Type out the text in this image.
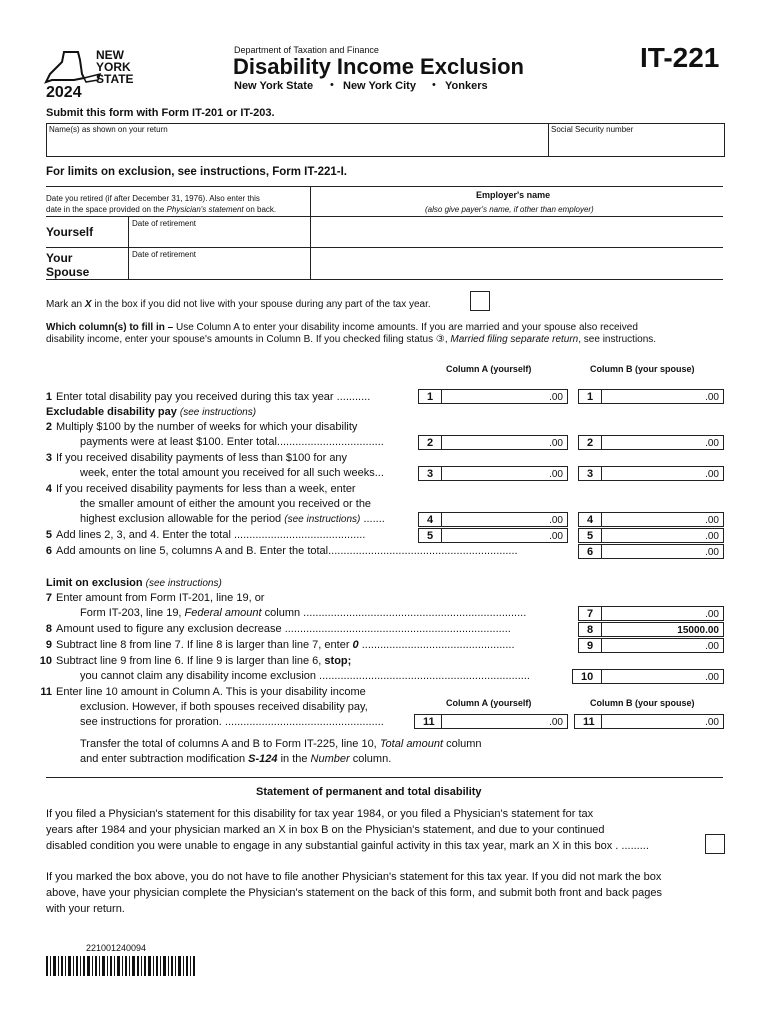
NEW
YORK
STATE
2024
Department of Taxation and Finance
Disability Income Exclusion
New York State • New York City • Yonkers
IT-221
Submit this form with Form IT-201 or IT-203.
Name(s) as shown on your return	Social Security number
For limits on exclusion, see instructions, Form IT-221-I.
Date you retired (if after December 31, 1976). Also enter this
date in the space provided on the Physician's statement on back.
Employer's name
(also give payer's name, if other than employer)
Yourself
Date of retirement
Your
Spouse
Date of retirement
Mark an X in the box if you did not live with your spouse during any part of the tax year.
Which column(s) to fill in – Use Column A to enter your disability income amounts. If you are married and your spouse also received
disability income, enter your spouse's amounts in Column B. If you checked filing status ③, Married filing separate return, see instructions.
Column A (yourself)	Column B (your spouse)
1 Enter total disability pay you received during this tax year ...........	1	.00	1	.00
Excludable disability pay (see instructions)
2 Multiply $100 by the number of weeks for which your disability
payments were at least $100. Enter total...................................	2	.00	2	.00
3 If you received disability payments of less than $100 for any
week, enter the total amount you received for all such weeks...	3	.00	3	.00
4 If you received disability payments for less than a week, enter
the smaller amount of either the amount you received or the
highest exclusion allowable for the period (see instructions) .......	4	.00	4	.00
5 Add lines 2, 3, and 4. Enter the total ...........................................	5	.00	5	.00
6 Add amounts on line 5, columns A and B. Enter the total..............................................................	6	.00
Limit on exclusion (see instructions)
7 Enter amount from Form IT-201, line 19, or
Form IT-203, line 19, Federal amount column .........................................................................	7	.00
8 Amount used to figure any exclusion decrease ..........................................................................	8	15000.00
9 Subtract line 8 from line 7. If line 8 is larger than line 7, enter 0 ..................................................	9	.00
10 Subtract line 9 from line 6. If line 9 is larger than line 6, stop;
you cannot claim any disability income exclusion .....................................................................	10	.00
11 Enter line 10 amount in Column A. This is your disability income
exclusion. However, if both spouses received disability pay,
see instructions for proration. ....................................................
Column A (yourself)	Column B (your spouse)
11	.00	11	.00
Transfer the total of columns A and B to Form IT-225, line 10, Total amount column
and enter subtraction modification S-124 in the Number column.
Statement of permanent and total disability
If you filed a Physician's statement for this disability for tax year 1984, or you filed a Physician's statement for tax
years after 1984 and your physician marked an X in box B on the Physician's statement, and due to your continued
disabled condition you were unable to engage in any substantial gainful activity in this tax year, mark an X in this box . .........
If you marked the box above, you do not have to file another Physician's statement for this tax year. If you did not mark the box
above, have your physician complete the Physician's statement on the back of this form, and submit both front and back pages
with your return.
221001240094
